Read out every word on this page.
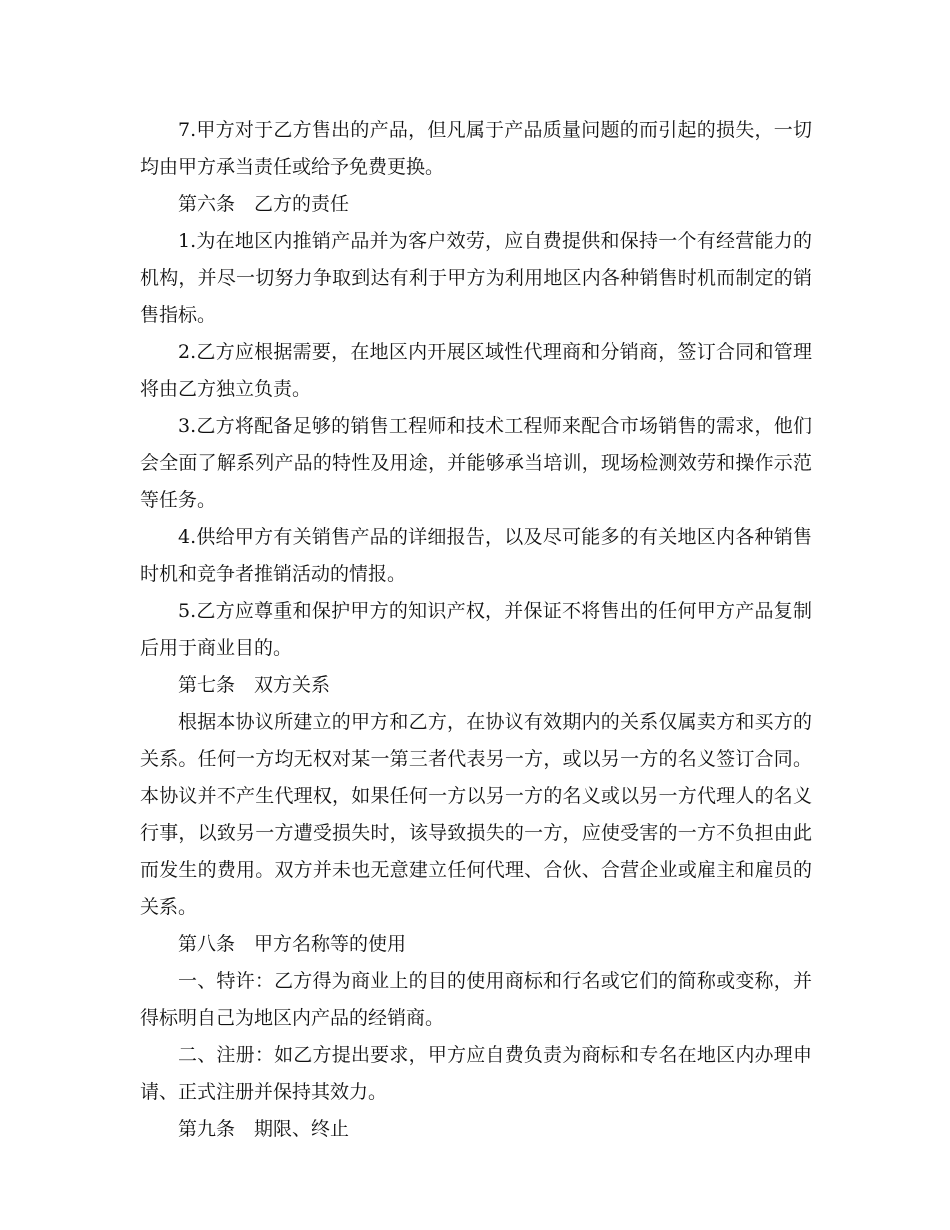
7.甲方对于乙方售出的产品，但凡属于产品质量问题的而引起的损失，一切均由甲方承当责任或给予免费更换。

第六条　乙方的责任

1.为在地区内推销产品并为客户效劳，应自费提供和保持一个有经营能力的机构，并尽一切努力争取到达有利于甲方为利用地区内各种销售时机而制定的销售指标。

2.乙方应根据需要，在地区内开展区域性代理商和分销商，签订合同和管理将由乙方独立负责。

3.乙方将配备足够的销售工程师和技术工程师来配合市场销售的需求，他们会全面了解系列产品的特性及用途，并能够承当培训，现场检测效劳和操作示范等任务。

4.供给甲方有关销售产品的详细报告，以及尽可能多的有关地区内各种销售时机和竞争者推销活动的情报。

5.乙方应尊重和保护甲方的知识产权，并保证不将售出的任何甲方产品复制后用于商业目的。

第七条　双方关系

根据本协议所建立的甲方和乙方，在协议有效期内的关系仅属卖方和买方的关系。任何一方均无权对某一第三者代表另一方，或以另一方的名义签订合同。本协议并不产生代理权，如果任何一方以另一方的名义或以另一方代理人的名义行事，以致另一方遭受损失时，该导致损失的一方，应使受害的一方不负担由此而发生的费用。双方并未也无意建立任何代理、合伙、合营企业或雇主和雇员的关系。

第八条　甲方名称等的使用

一、特许：乙方得为商业上的目的使用商标和行名或它们的简称或变称，并得标明自己为地区内产品的经销商。

二、注册：如乙方提出要求，甲方应自费负责为商标和专名在地区内办理申请、正式注册并保持其效力。

第九条　期限、终止
